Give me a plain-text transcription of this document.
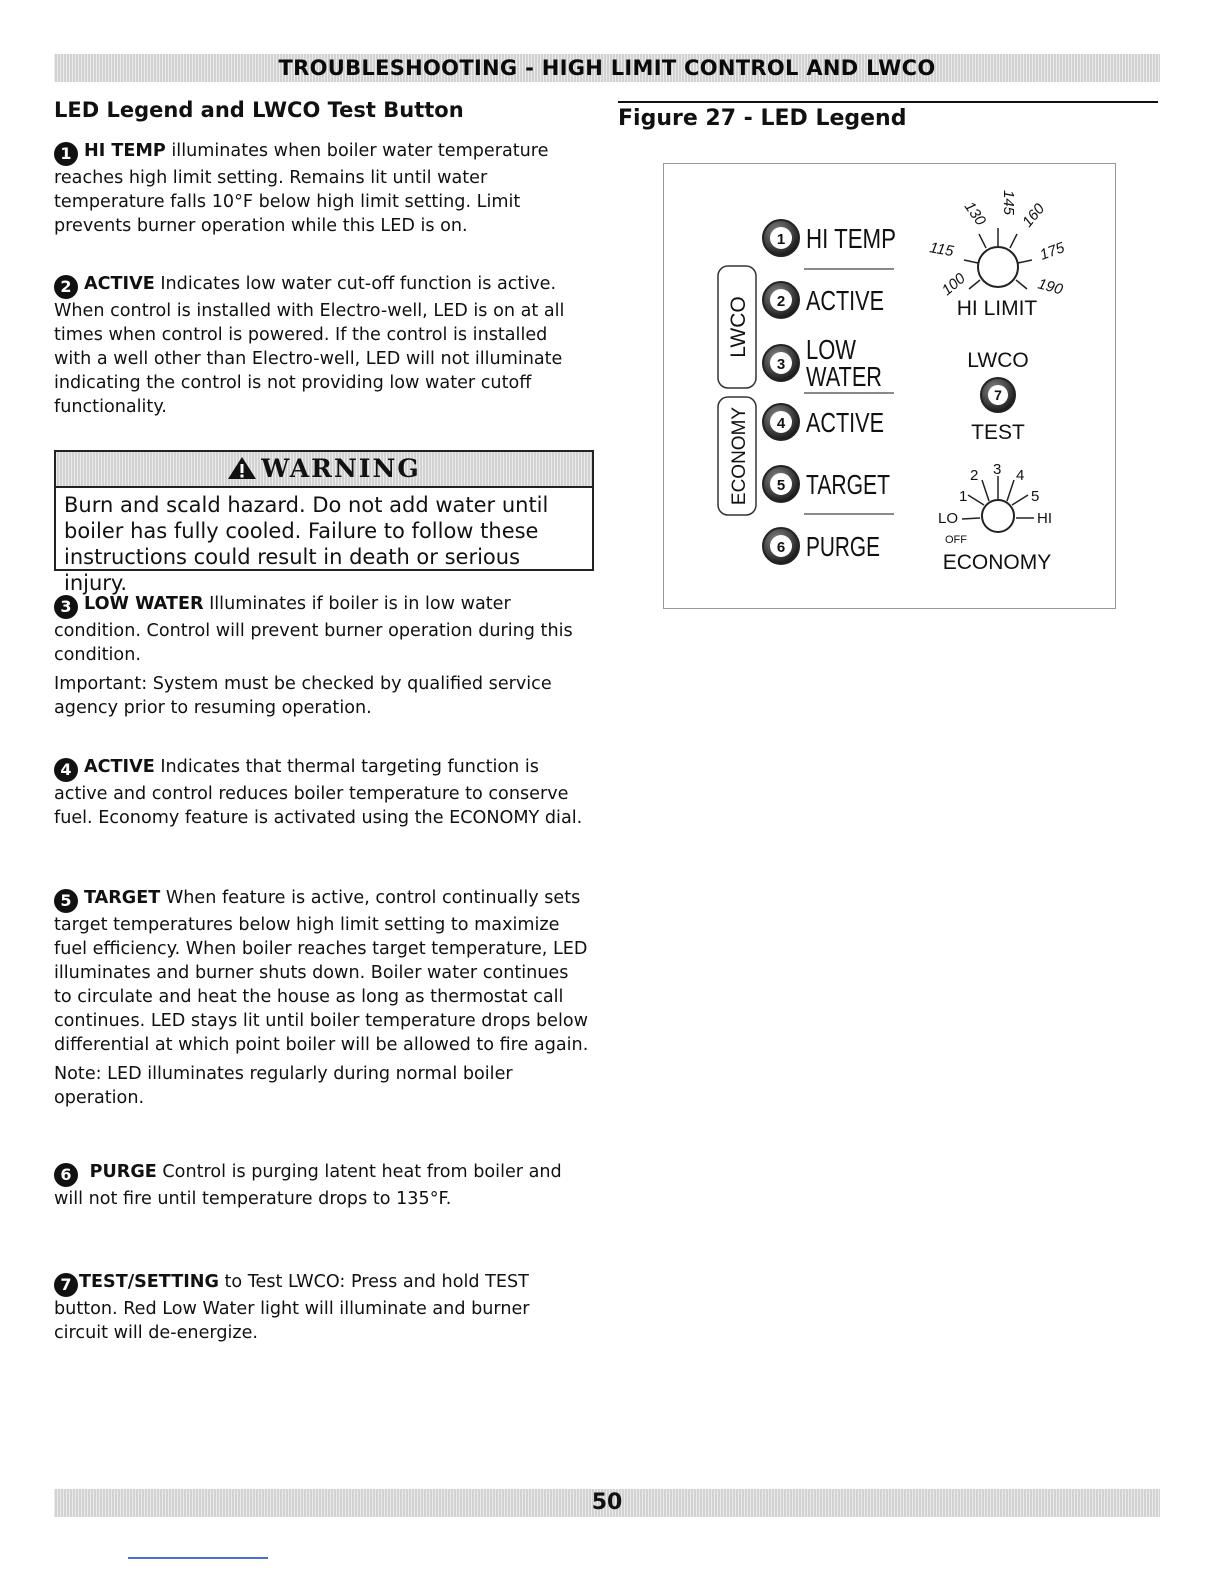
TROUBLESHOOTING - HIGH LIMIT CONTROL AND LWCO

LED Legend and LWCO Test Button

1 HI TEMP illuminates when boiler water temperature reaches high limit setting. Remains lit until water temperature falls 10°F below high limit setting. Limit prevents burner operation while this LED is on.

2 ACTIVE Indicates low water cut-off function is active. When control is installed with Electro-well, LED is on at all times when control is powered. If the control is installed with a well other than Electro-well, LED will not illuminate indicating the control is not providing low water cutoff functionality.

WARNING
Burn and scald hazard. Do not add water until boiler has fully cooled. Failure to follow these instructions could result in death or serious injury.

3 LOW WATER Illuminates if boiler is in low water condition. Control will prevent burner operation during this condition.

Important: System must be checked by qualified service agency prior to resuming operation.

4 ACTIVE Indicates that thermal targeting function is active and control reduces boiler temperature to conserve fuel. Economy feature is activated using the ECONOMY dial.

5 TARGET When feature is active, control continually sets target temperatures below high limit setting to maximize fuel efficiency. When boiler reaches target temperature, LED illuminates and burner shuts down. Boiler water continues to circulate and heat the house as long as thermostat call continues. LED stays lit until boiler temperature drops below differential at which point boiler will be allowed to fire again.

Note: LED illuminates regularly during normal boiler operation.

6 PURGE Control is purging latent heat from boiler and will not fire until temperature drops to 135°F.

7 TEST/SETTING to Test LWCO: Press and hold TEST button. Red Low Water light will illuminate and burner circuit will de-energize.

Figure 27 - LED Legend
LWCO
ECONOMY
1 HI TEMP
2 ACTIVE
3 LOW
WATER
4 ACTIVE
5 TARGET
6 PURGE
100
115
130 145 160
175
190
HI LIMIT
LWCO
7
TEST
1
2 3 4
5
LO	HI
OFF
ECONOMY
50
